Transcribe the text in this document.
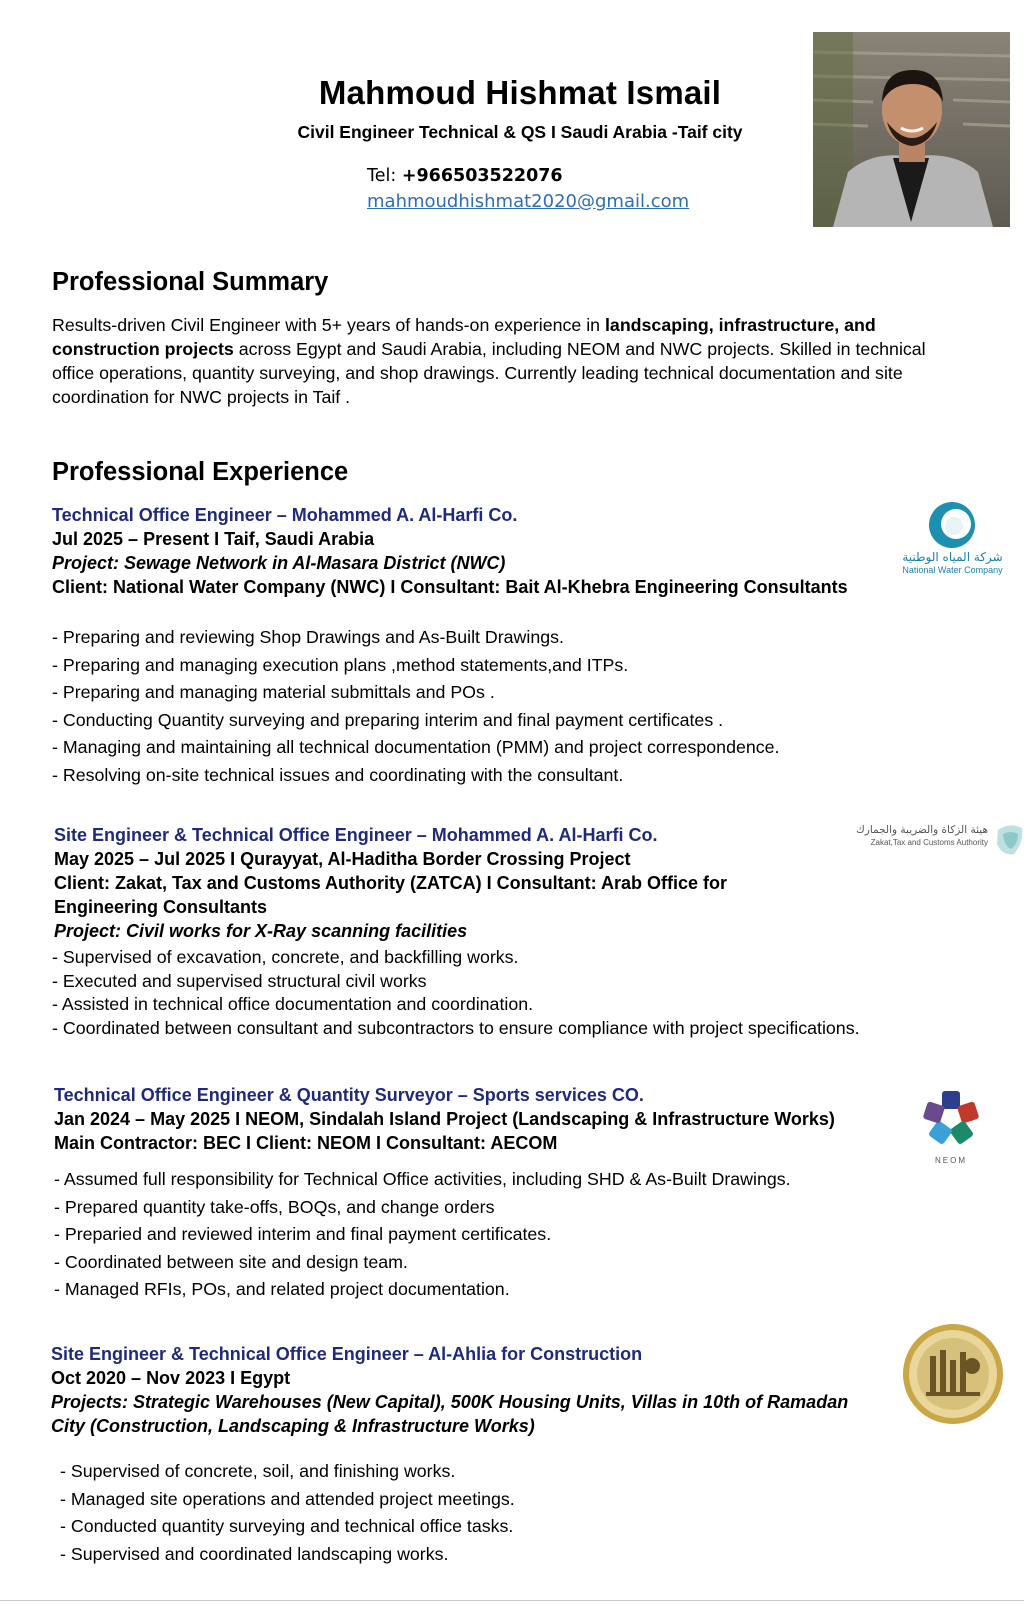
Mahmoud Hishmat Ismail
Civil Engineer Technical & QS I Saudi Arabia -Taif city
Tel: +966503522076
mahmoudhishmat2020@gmail.com
Professional Summary
Results-driven Civil Engineer with 5+ years of hands-on experience in landscaping, infrastructure, and construction projects across Egypt and Saudi Arabia, including NEOM and NWC projects. Skilled in technical office operations, quantity surveying, and shop drawings. Currently leading technical documentation and site coordination for NWC projects in Taif .
Professional Experience
Technical Office Engineer – Mohammed A. Al-Harfi Co.
Jul 2025 – Present I Taif, Saudi Arabia
Project: Sewage Network in Al-Masara District (NWC)
Client: National Water Company (NWC) I Consultant: Bait Al-Khebra Engineering Consultants
شركة المياه الوطنية
National Water Company
- Preparing and reviewing Shop Drawings and As-Built Drawings.
- Preparing and managing execution plans ,method statements,and ITPs.
- Preparing and managing material submittals and POs .
- Conducting Quantity surveying and preparing interim and final payment certificates .
- Managing and maintaining all technical documentation (PMM) and project correspondence.
- Resolving on-site technical issues and coordinating with the consultant.
Site Engineer & Technical Office Engineer – Mohammed A. Al-Harfi Co.
May 2025 – Jul 2025 I Qurayyat, Al-Haditha Border Crossing Project
Client: Zakat, Tax and Customs Authority (ZATCA) I Consultant: Arab Office for
Engineering Consultants
Project: Civil works for X-Ray scanning facilities
هيئة الزكاة والضريبة والجمارك
Zakat,Tax and Customs Authority
- Supervised of excavation, concrete, and backfilling works.
- Executed and supervised structural civil works
- Assisted in technical office documentation and coordination.
- Coordinated between consultant and subcontractors to ensure compliance with project specifications.
Technical Office Engineer & Quantity Surveyor – Sports services CO.
Jan 2024 – May 2025 I NEOM, Sindalah Island Project (Landscaping & Infrastructure Works)
Main Contractor: BEC I Client: NEOM I Consultant: AECOM
NEOM
- Assumed full responsibility for Technical Office activities, including SHD & As-Built Drawings.
- Prepared quantity take-offs, BOQs, and change orders
- Preparied and reviewed interim and final payment certificates.
- Coordinated between site and design team.
- Managed RFIs, POs, and related project documentation.
Site Engineer & Technical Office Engineer – Al-Ahlia for Construction
Oct 2020 – Nov 2023 I Egypt
Projects: Strategic Warehouses (New Capital), 500K Housing Units, Villas in 10th of Ramadan
City (Construction, Landscaping & Infrastructure Works)
- Supervised of concrete, soil, and finishing works.
- Managed site operations and attended project meetings.
- Conducted quantity surveying and technical office tasks.
- Supervised and coordinated landscaping works.
